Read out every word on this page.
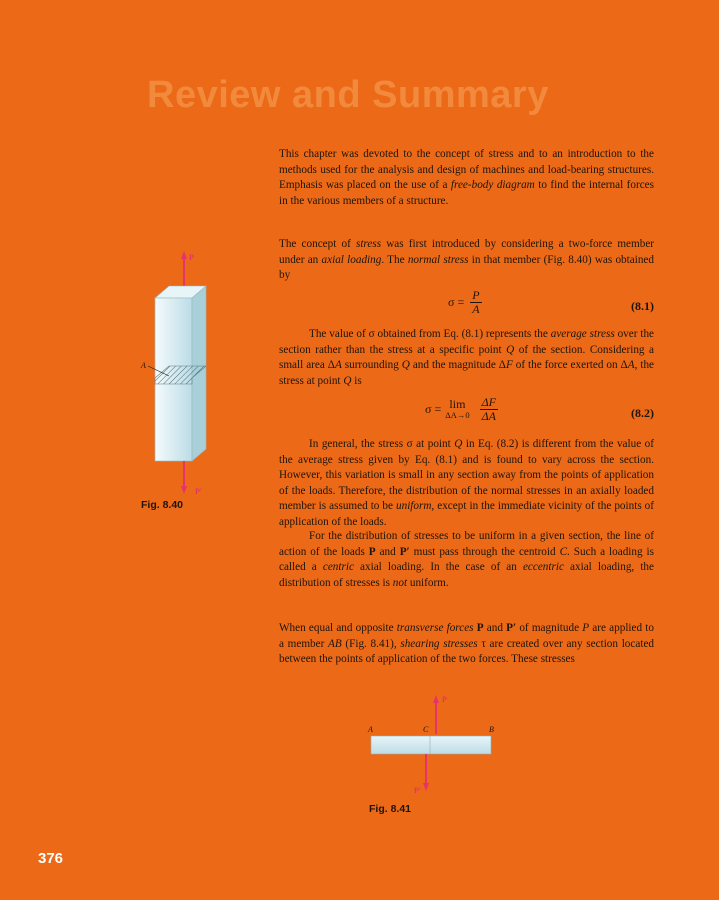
Review and Summary

This chapter was devoted to the concept of stress and to an introduction to the methods used for the analysis and design of machines and load-bearing structures. Emphasis was placed on the use of a free-body diagram to find the internal forces in the various members of a structure.

The concept of stress was first introduced by considering a two-force member under an axial loading. The normal stress in that member (Fig. 8.40) was obtained by

$\sigma = \frac{P}{A}$	(8.1)

The value of σ obtained from Eq. (8.1) represents the average stress over the section rather than the stress at a specific point Q of the section. Considering a small area ΔA surrounding Q and the magnitude ΔF of the force exerted on ΔA, the stress at point Q is

σ = lim
$\Delta A\to 0 \frac{\Delta F}{\Delta A}$	(8.2)

In general, the stress σ at point Q in Eq. (8.2) is different from the value of the average stress given by Eq. (8.1) and is found to vary across the section. However, this variation is small in any section away from the points of application of the loads. Therefore, the distribution of the normal stresses in an axially loaded member is assumed to be uniform, except in the immediate vicinity of the points of application of the loads.

For the distribution of stresses to be uniform in a given section, the line of action of the loads P and P′ must pass through the centroid C. Such a loading is called a centric axial loading. In the case of an eccentric axial loading, the distribution of stresses is not uniform.

When equal and opposite transverse forces P and P′ of magnitude P are applied to a member AB (Fig. 8.41), shearing stresses τ are created over any section located between the points of application of the two forces. These stresses

P
A
P′
Fig. 8.40
P
A	C	B
P′
Fig. 8.41
376
